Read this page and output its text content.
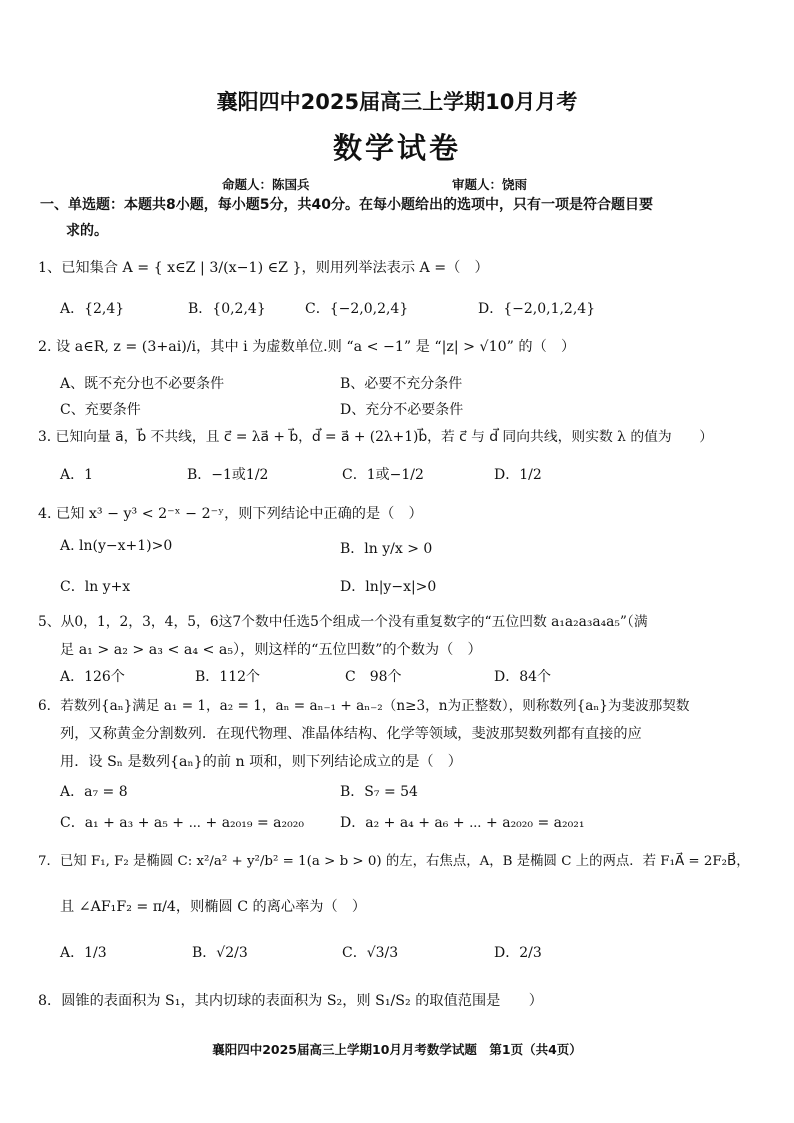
襄阳四中2025届高三上学期10月月考
数学试卷
命题人：陈国兵	审题人：饶雨
一、单选题：本题共8小题，每小题5分，共40分。在每小题给出的选项中，只有一项是符合题目要
求的。
1、已知集合 A = { x∈Z | 3/(x−1) ∈Z }，则用列举法表示 A =（　）
A．{2,4}	B．{0,2,4}	C．{−2,0,2,4}	D．{−2,0,1,2,4}
2. 设 a∈R, z = (3+ai)/i，其中 i 为虚数单位.则 “a < −1” 是 “|z| > √10” 的（　）
A、既不充分也不必要条件	B、必要不充分条件
C、充要条件	D、充分不必要条件
3. 已知向量 a⃗，b⃗ 不共线，且 c⃗ = λa⃗ + b⃗，d⃗ = a⃗ + (2λ+1)b⃗，若 c⃗ 与 d⃗ 同向共线，则实数 λ 的值为　　）
A．1	B．−1或1/2	C．1或−1/2	D．1/2
4. 已知 x³ − y³ < 2⁻ˣ − 2⁻ʸ，则下列结论中正确的是（　）
A. ln(y−x+1)>0	B．ln y/x > 0
C．ln y+x	D．ln|y−x|>0
5、从0，1，2，3，4，5，6这7个数中任选5个组成一个没有重复数字的“五位凹数 a₁a₂a₃a₄a₅”（满
足 a₁ > a₂ > a₃ < a₄ < a₅），则这样的“五位凹数”的个数为（　）
A．126个	B．112个	C　98个	D．84个
6．若数列{aₙ}满足 a₁ = 1，a₂ = 1，aₙ = aₙ₋₁ + aₙ₋₂（n≥3，n为正整数），则称数列{aₙ}为斐波那契数
列，又称黄金分割数列．在现代物理、准晶体结构、化学等领域，斐波那契数列都有直接的应
用．设 Sₙ 是数列{aₙ}的前 n 项和，则下列结论成立的是（　）
A．a₇ = 8	B．S₇ = 54
C．a₁ + a₃ + a₅ + ⋯ + a₂₀₁₉ = a₂₀₂₀	D．a₂ + a₄ + a₆ + ⋯ + a₂₀₂₀ = a₂₀₂₁
7．已知 F₁, F₂ 是椭圆 C: x²/a² + y²/b² = 1(a > b > 0) 的左，右焦点，A，B 是椭圆 C 上的两点．若 F₁A⃗ = 2F₂B⃗，
且 ∠AF₁F₂ = π/4，则椭圆 C 的离心率为（　）
A．1/3	B．√2/3	C．√3/3	D．2/3
8．圆锥的表面积为 S₁，其内切球的表面积为 S₂，则 S₁/S₂ 的取值范围是　　）
襄阳四中2025届高三上学期10月月考数学试题　第1页（共4页）
